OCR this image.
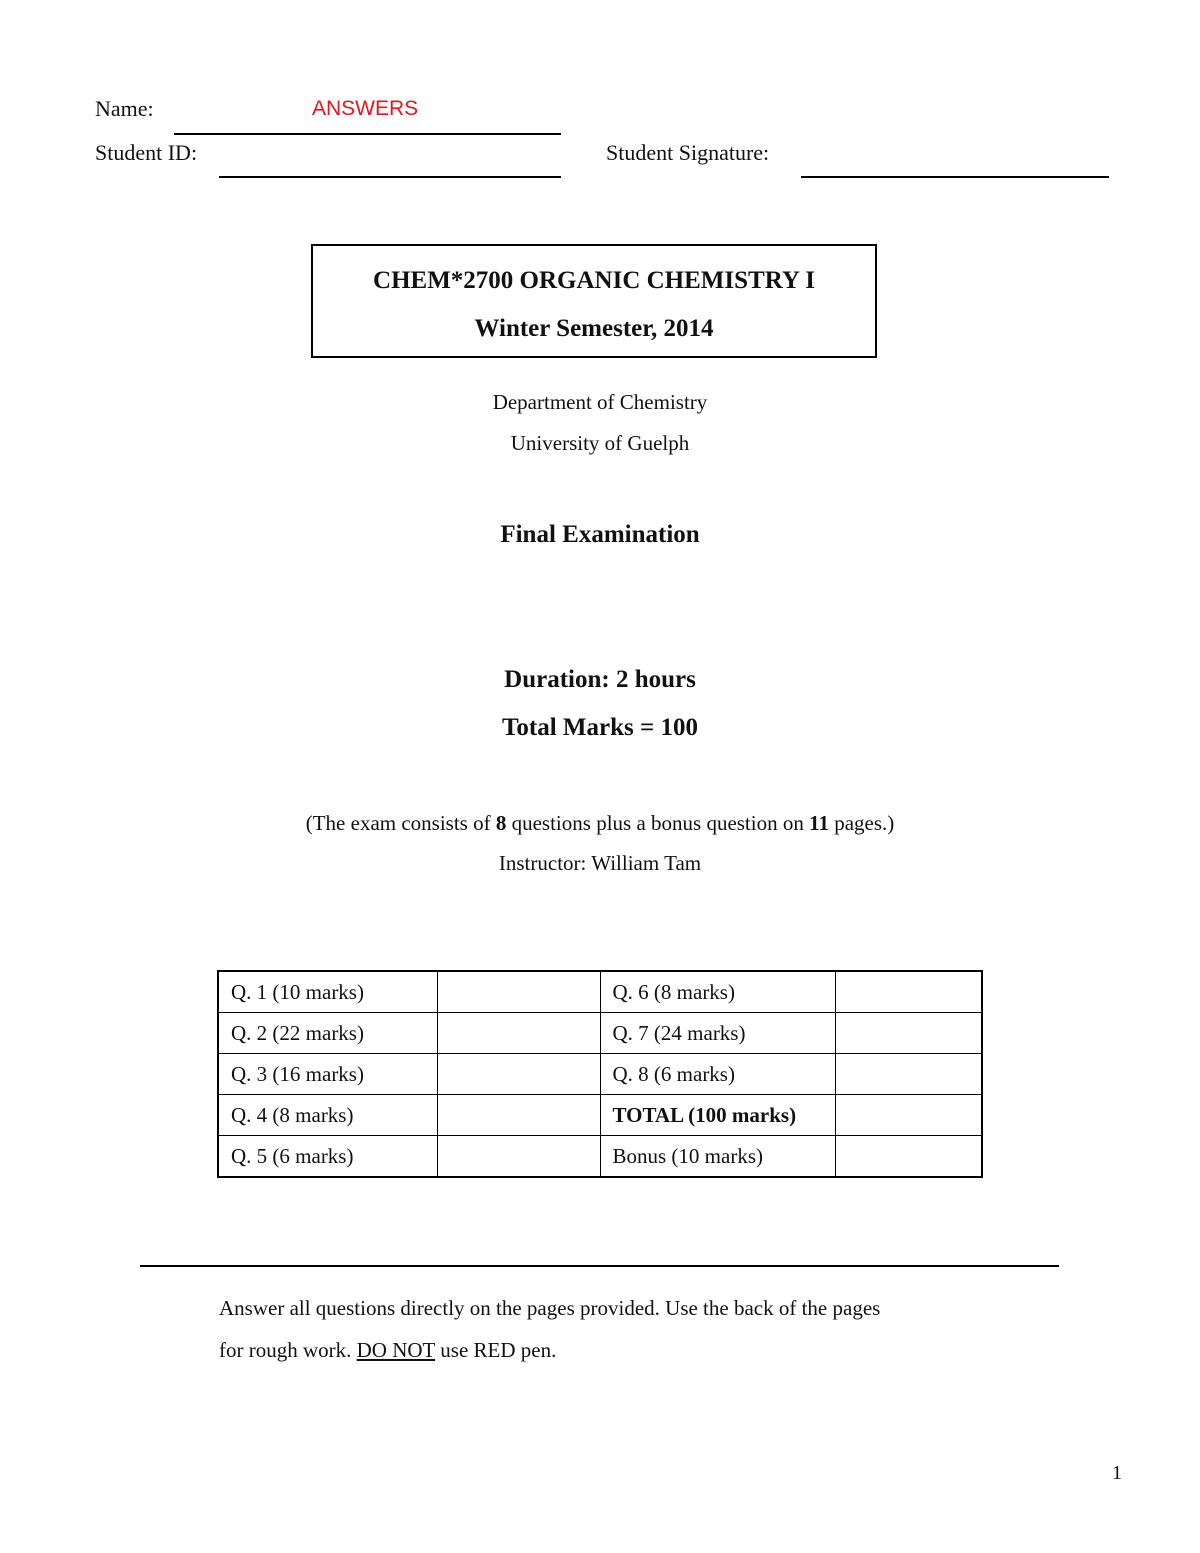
Name:	ANSWERS
Student ID:	Student Signature:
CHEM*2700 ORGANIC CHEMISTRY I
Winter Semester, 2014
Department of Chemistry
University of Guelph
Final Examination
Duration: 2 hours
Total Marks = 100
(The exam consists of 8 questions plus a bonus question on 11 pages.)
Instructor: William Tam
Q. 1 (10 marks)		Q. 6 (8 marks)	
Q. 2 (22 marks)		Q. 7 (24 marks)	
Q. 3 (16 marks)		Q. 8 (6 marks)	
Q. 4 (8 marks)		TOTAL (100 marks)	
Q. 5 (6 marks)		Bonus (10 marks)	
Answer all questions directly on the pages provided. Use the back of the pages
for rough work. DO NOT use RED pen.
1
